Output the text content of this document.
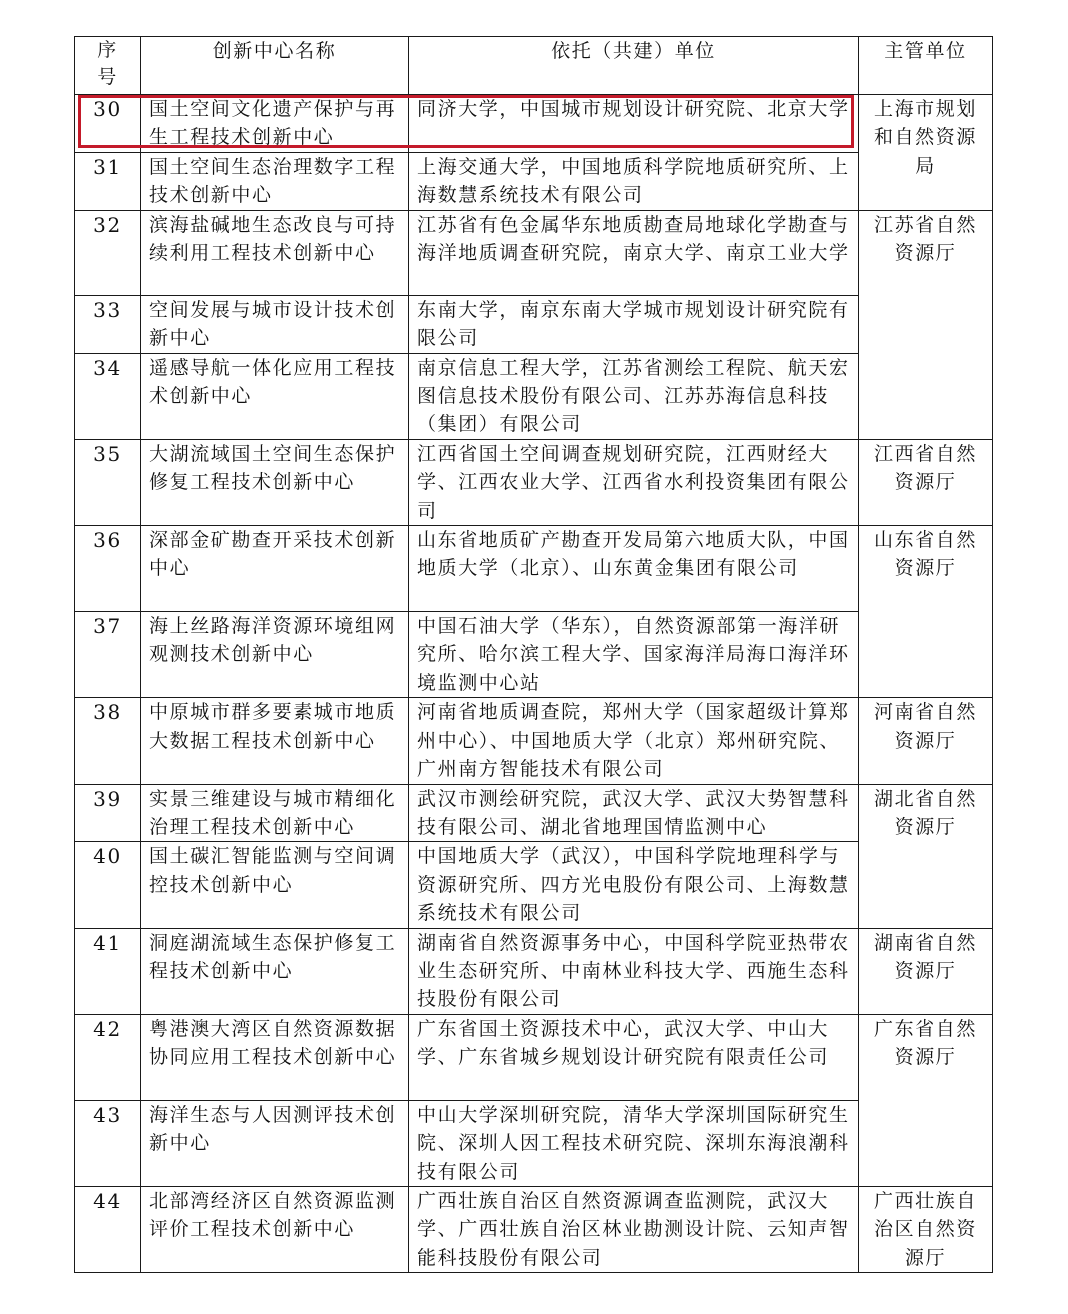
序
号	创新中心名称	依托（共建）单位	主管单位
30	国土空间文化遗产保护与再生工程技术创新中心	同济大学，中国城市规划设计研究院、北京大学	上海市规划和自然资源局
31	国土空间生态治理数字工程技术创新中心	上海交通大学，中国地质科学院地质研究所、上海数慧系统技术有限公司	
32	滨海盐碱地生态改良与可持续利用工程技术创新中心	江苏省有色金属华东地质勘查局地球化学勘查与海洋地质调查研究院，南京大学、南京工业大学	江苏省自然资源厅
33	空间发展与城市设计技术创新中心	东南大学，南京东南大学城市规划设计研究院有限公司	
34	遥感导航一体化应用工程技术创新中心	南京信息工程大学，江苏省测绘工程院、航天宏图信息技术股份有限公司、江苏苏海信息科技（集团）有限公司	
35	大湖流域国土空间生态保护修复工程技术创新中心	江西省国土空间调查规划研究院，江西财经大学、江西农业大学、江西省水利投资集团有限公司	江西省自然资源厅
36	深部金矿勘查开采技术创新中心	山东省地质矿产勘查开发局第六地质大队，中国地质大学（北京）、山东黄金集团有限公司	山东省自然资源厅
37	海上丝路海洋资源环境组网观测技术创新中心	中国石油大学（华东），自然资源部第一海洋研究所、哈尔滨工程大学、国家海洋局海口海洋环境监测中心站	
38	中原城市群多要素城市地质大数据工程技术创新中心	河南省地质调查院，郑州大学（国家超级计算郑州中心）、中国地质大学（北京）郑州研究院、广州南方智能技术有限公司	河南省自然资源厅
39	实景三维建设与城市精细化治理工程技术创新中心	武汉市测绘研究院，武汉大学、武汉大势智慧科技有限公司、湖北省地理国情监测中心	湖北省自然资源厅
40	国土碳汇智能监测与空间调控技术创新中心	中国地质大学（武汉），中国科学院地理科学与资源研究所、四方光电股份有限公司、上海数慧系统技术有限公司	
41	洞庭湖流域生态保护修复工程技术创新中心	湖南省自然资源事务中心，中国科学院亚热带农业生态研究所、中南林业科技大学、西施生态科技股份有限公司	湖南省自然资源厅
42	粤港澳大湾区自然资源数据协同应用工程技术创新中心	广东省国土资源技术中心，武汉大学、中山大学、广东省城乡规划设计研究院有限责任公司	广东省自然资源厅
43	海洋生态与人因测评技术创新中心	中山大学深圳研究院，清华大学深圳国际研究生院、深圳人因工程技术研究院、深圳东海浪潮科技有限公司	
44	北部湾经济区自然资源监测评价工程技术创新中心	广西壮族自治区自然资源调查监测院，武汉大学、广西壮族自治区林业勘测设计院、云知声智能科技股份有限公司	广西壮族自治区自然资源厅
